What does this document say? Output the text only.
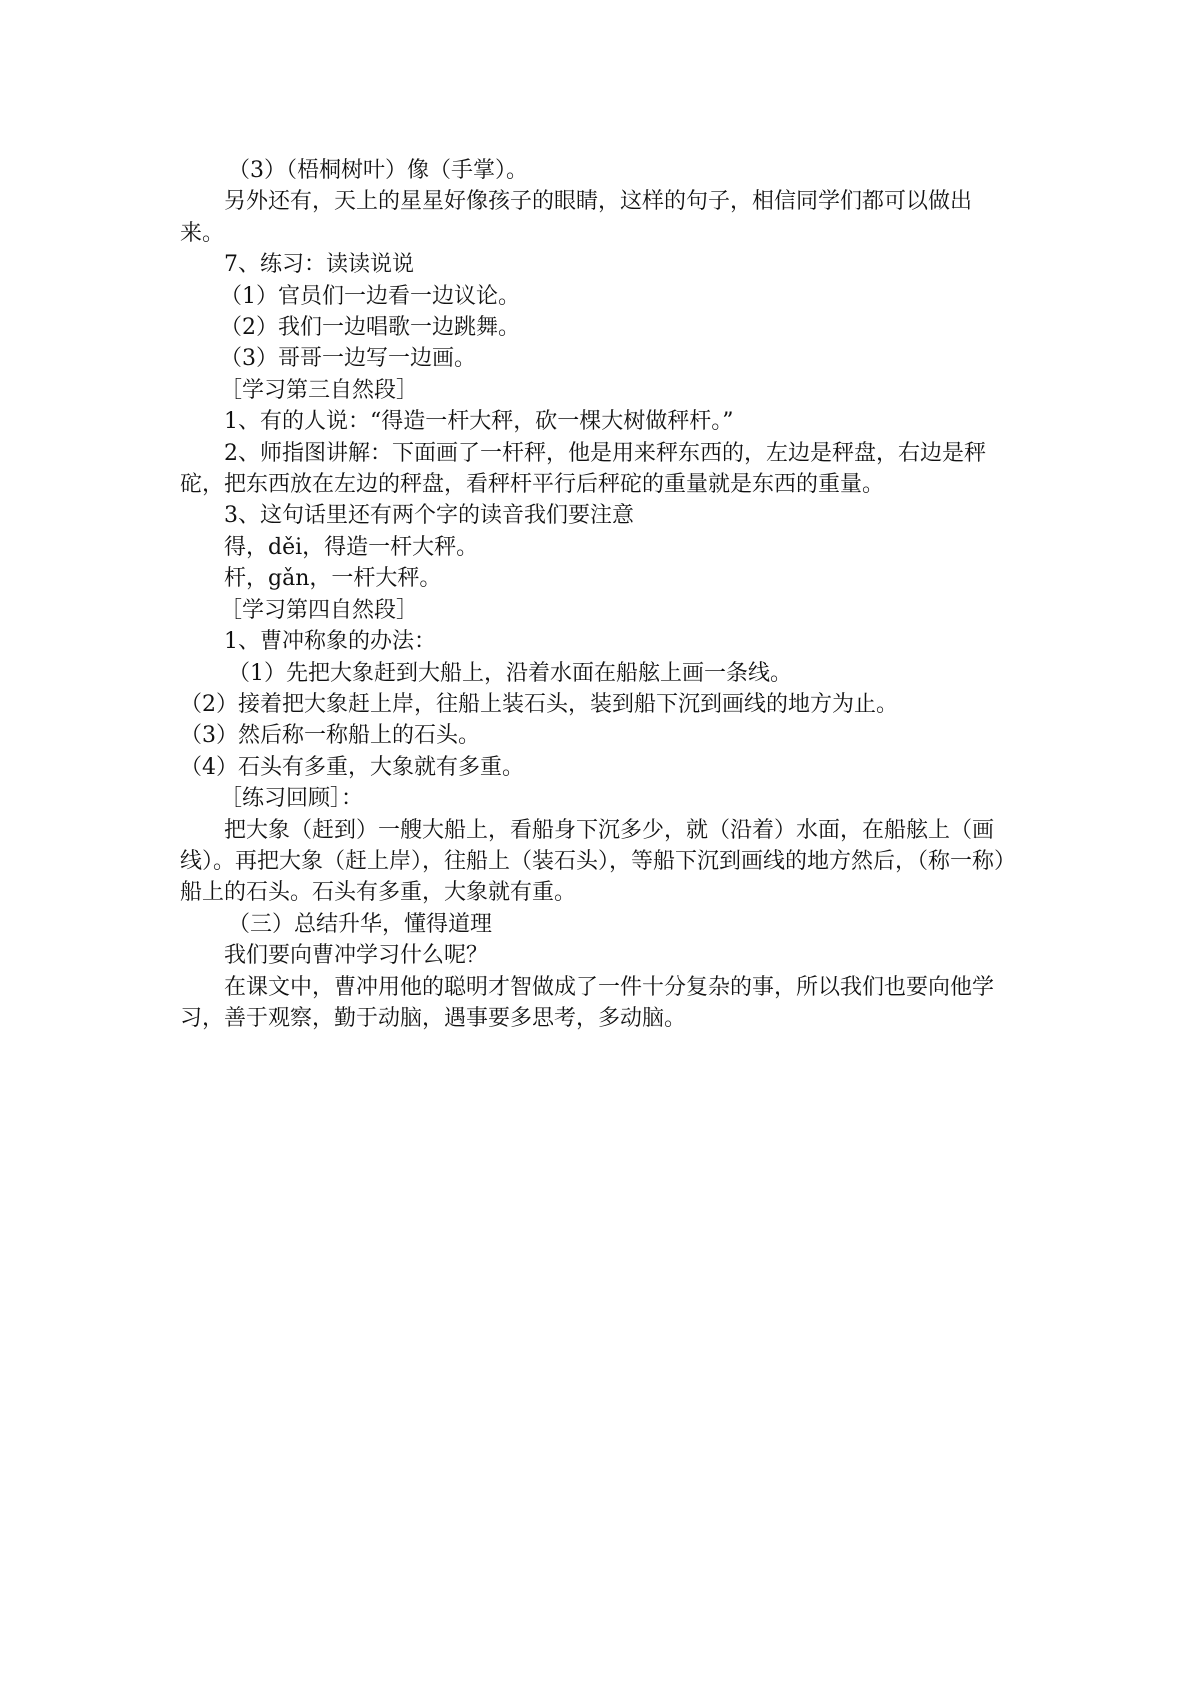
（3）（梧桐树叶）像（手掌）。

另外还有，天上的星星好像孩子的眼睛，这样的句子，相信同学们都可以做出来。

7、练习：读读说说

（1）官员们一边看一边议论。

（2）我们一边唱歌一边跳舞。

（3）哥哥一边写一边画。

［学习第三自然段］

1、有的人说：“得造一杆大秤，砍一棵大树做秤杆。”

2、师指图讲解：下面画了一杆秤，他是用来秤东西的，左边是秤盘，右边是秤砣，把东西放在左边的秤盘，看秤杆平行后秤砣的重量就是东西的重量。

3、这句话里还有两个字的读音我们要注意

得，děi，得造一杆大秤。

杆，gǎn，一杆大秤。

［学习第四自然段］

1、曹冲称象的办法：

（1）先把大象赶到大船上，沿着水面在船舷上画一条线。

（2）接着把大象赶上岸，往船上装石头，装到船下沉到画线的地方为止。

（3）然后称一称船上的石头。

（4）石头有多重，大象就有多重。

［练习回顾］：

把大象（赶到）一艘大船上，看船身下沉多少，就（沿着）水面，在船舷上（画线）。再把大象（赶上岸），往船上（装石头），等船下沉到画线的地方然后，（称一称）船上的石头。石头有多重，大象就有重。

（三）总结升华，懂得道理

我们要向曹冲学习什么呢？

在课文中，曹冲用他的聪明才智做成了一件十分复杂的事，所以我们也要向他学习，善于观察，勤于动脑，遇事要多思考，多动脑。
